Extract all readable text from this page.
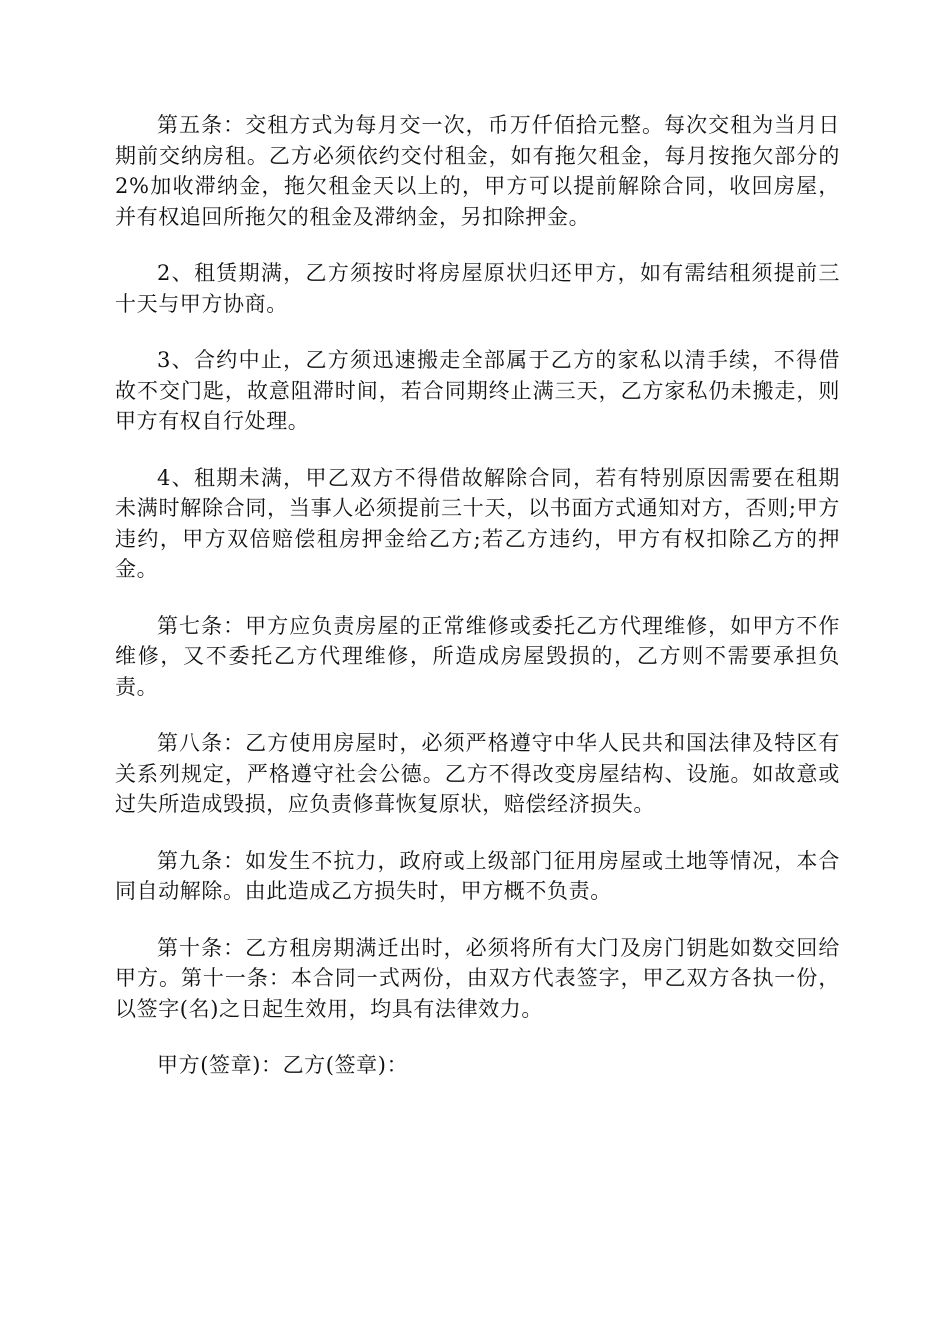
第五条：交租方式为每月交一次，币万仟佰拾元整。每次交租为当月日期前交纳房租。乙方必须依约交付租金，如有拖欠租金，每月按拖欠部分的2%加收滞纳金，拖欠租金天以上的，甲方可以提前解除合同，收回房屋，并有权追回所拖欠的租金及滞纳金，另扣除押金。

2、租赁期满，乙方须按时将房屋原状归还甲方，如有需结租须提前三十天与甲方协商。

3、合约中止，乙方须迅速搬走全部属于乙方的家私以清手续，不得借故不交门匙，故意阻滞时间，若合同期终止满三天，乙方家私仍未搬走，则甲方有权自行处理。

4、租期未满，甲乙双方不得借故解除合同，若有特别原因需要在租期未满时解除合同，当事人必须提前三十天，以书面方式通知对方，否则;甲方违约，甲方双倍赔偿租房押金给乙方;若乙方违约，甲方有权扣除乙方的押金。

第七条：甲方应负责房屋的正常维修或委托乙方代理维修，如甲方不作维修，又不委托乙方代理维修，所造成房屋毁损的，乙方则不需要承担负责。

第八条：乙方使用房屋时，必须严格遵守中华人民共和国法律及特区有关系列规定，严格遵守社会公德。乙方不得改变房屋结构、设施。如故意或过失所造成毁损，应负责修葺恢复原状，赔偿经济损失。

第九条：如发生不抗力，政府或上级部门征用房屋或土地等情况，本合同自动解除。由此造成乙方损失时，甲方概不负责。

第十条：乙方租房期满迁出时，必须将所有大门及房门钥匙如数交回给甲方。第十一条：本合同一式两份，由双方代表签字，甲乙双方各执一份，以签字(名)之日起生效用，均具有法律效力。

甲方(签章)：乙方(签章)：
